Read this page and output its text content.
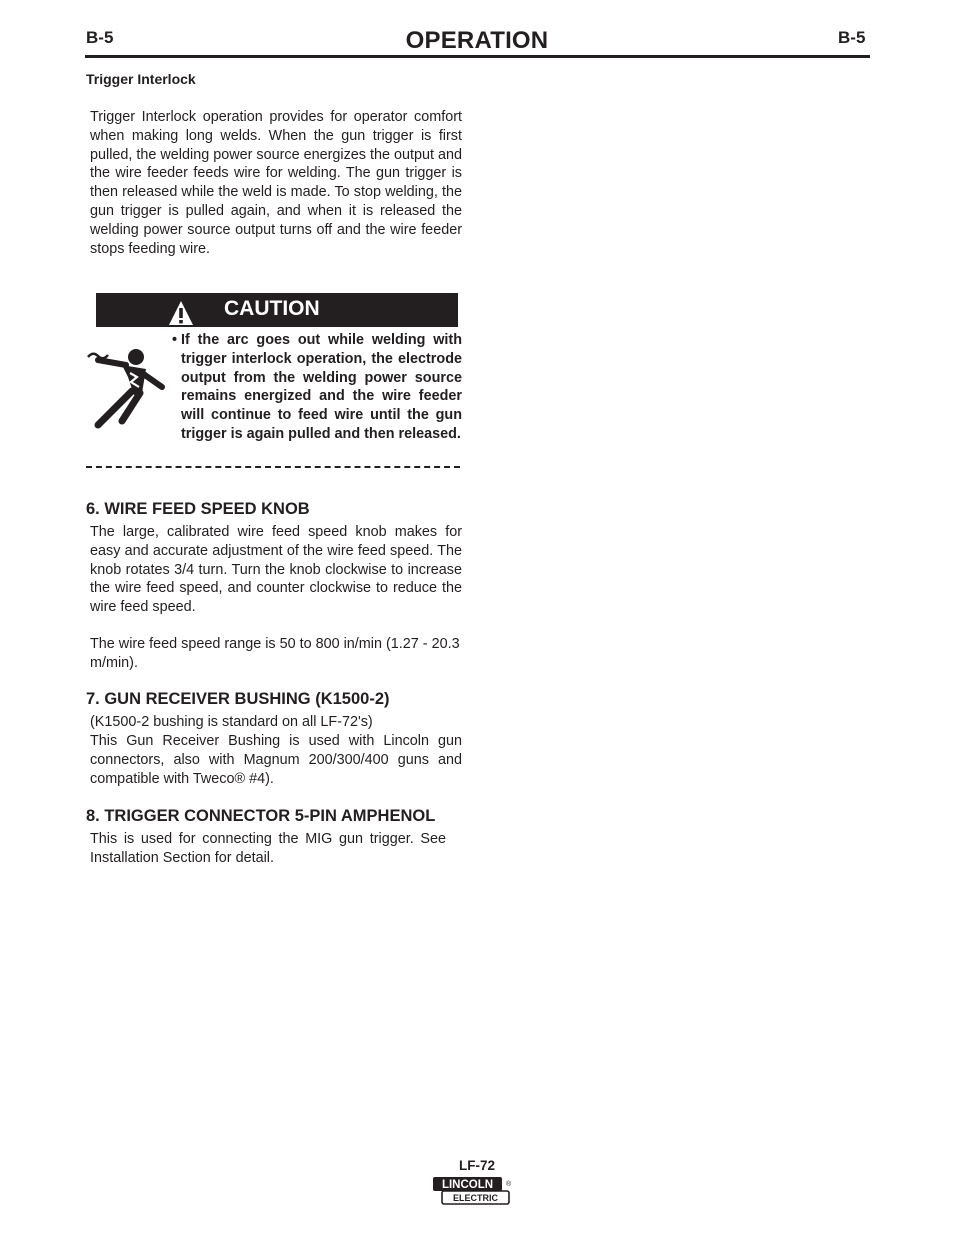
B-5	OPERATION	B-5
Trigger Interlock
Trigger Interlock operation provides for operator comfort when making long welds. When the gun trigger is first pulled, the welding power source energizes the output and the wire feeder feeds wire for welding. The gun trigger is then released while the weld is made. To stop welding, the gun trigger is pulled again, and when it is released the welding power source output turns off and the wire feeder stops feeding wire.
CAUTION
• If the arc goes out while welding with trigger interlock operation, the electrode output from the welding power source remains energized and the wire feeder will continue to feed wire until the gun trigger is again pulled and then released.
6. WIRE FEED SPEED KNOB
The large, calibrated wire feed speed knob makes for easy and accurate adjustment of the wire feed speed. The knob rotates 3/4 turn. Turn the knob clockwise to increase the wire feed speed, and counter clockwise to reduce the wire feed speed.
The wire feed speed range is 50 to 800 in/min (1.27 - 20.3 m/min).
7. GUN RECEIVER BUSHING (K1500-2)
(K1500-2 bushing is standard on all LF-72's)
This Gun Receiver Bushing is used with Lincoln gun connectors, also with Magnum 200/300/400 guns and compatible with Tweco® #4).
8. TRIGGER CONNECTOR 5-PIN AMPHENOL
This is used for connecting the MIG gun trigger. See Installation Section for detail.
LF-72
LINCOLN
ELECTRIC
®
